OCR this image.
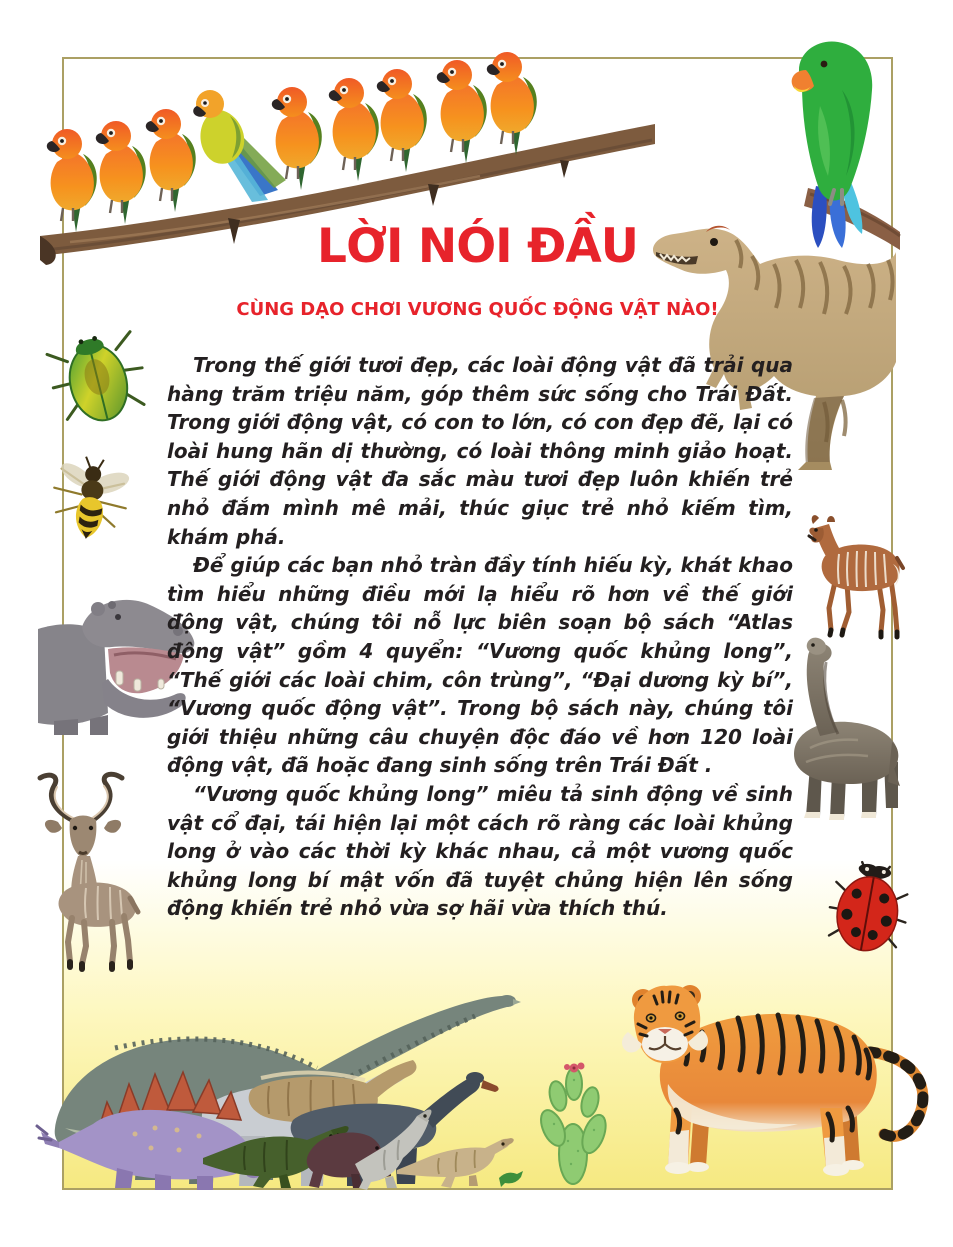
LỜI NÓI ĐẦU
CÙNG DẠO CHƠI VƯƠNG QUỐC ĐỘNG VẬT NÀO!

Trong thế giới tươi đẹp, các loài động vật đã trải qua hàng trăm triệu năm, góp thêm sức sống cho Trái Đất. Trong giới động vật, có con to lớn, có con đẹp đẽ, lại có loài hung hãn dị thường, có loài thông minh giảo hoạt. Thế giới động vật đa sắc màu tươi đẹp luôn khiến trẻ nhỏ đắm mình mê mải, thúc giục trẻ nhỏ kiếm tìm, khám phá.

Để giúp các bạn nhỏ tràn đầy tính hiếu kỳ, khát khao tìm hiểu những điều mới lạ hiểu rõ hơn về thế giới động vật, chúng tôi nỗ lực biên soạn bộ sách “Atlas động vật” gồm 4 quyển: “Vương quốc khủng long”, “Thế giới các loài chim, côn trùng”, “Đại dương kỳ bí”, “Vương quốc động vật”. Trong bộ sách này, chúng tôi giới thiệu những câu chuyện độc đáo về hơn 120 loài động vật, đã hoặc đang sinh sống trên Trái Đất .

“Vương quốc khủng long” miêu tả sinh động về sinh vật cổ đại, tái hiện lại một cách rõ ràng các loài khủng long ở vào các thời kỳ khác nhau, cả một vương quốc khủng long bí mật vốn đã tuyệt chủng hiện lên sống động khiến trẻ nhỏ vừa sợ hãi vừa thích thú.
